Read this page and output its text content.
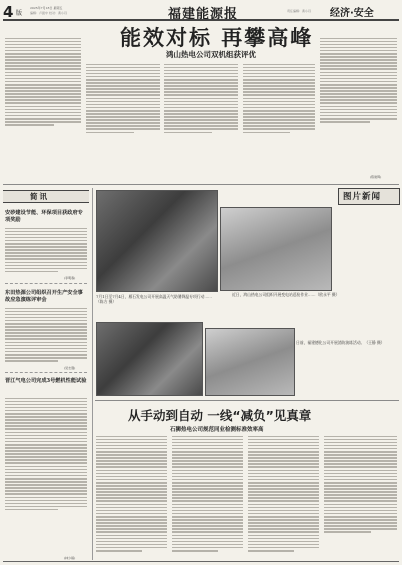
4 版
2025年7月18日 星期五
编辑：卢振中 校对：黄小丹	福建能源报	责任编辑：黄小丹 经济·安全
能效对标 再攀高峰
鸿山热电公司双机组获评优
(陈建辉)
简讯
安砂建设节能、环保项目获政府专项奖励
(李明春)
东田热源公司组织召开生产安全事故应急演练评审会
(吴志强)
晋江气电公司完成3号燃机性能试验
(林少娟)
图片新闻
7月1日至7月4日，雁石发电公司开展高温天气防暑降温专项行动……（陈方 摄）
近日，鸿山热电公司组织开展变电站巡检作业……（欧永平 摄）
日前，福建德化公司开展消防演练活动。（王静 摄）
从手动到自动 一线“减负”见真章
石狮热电公司规范同业检测标准效率高
